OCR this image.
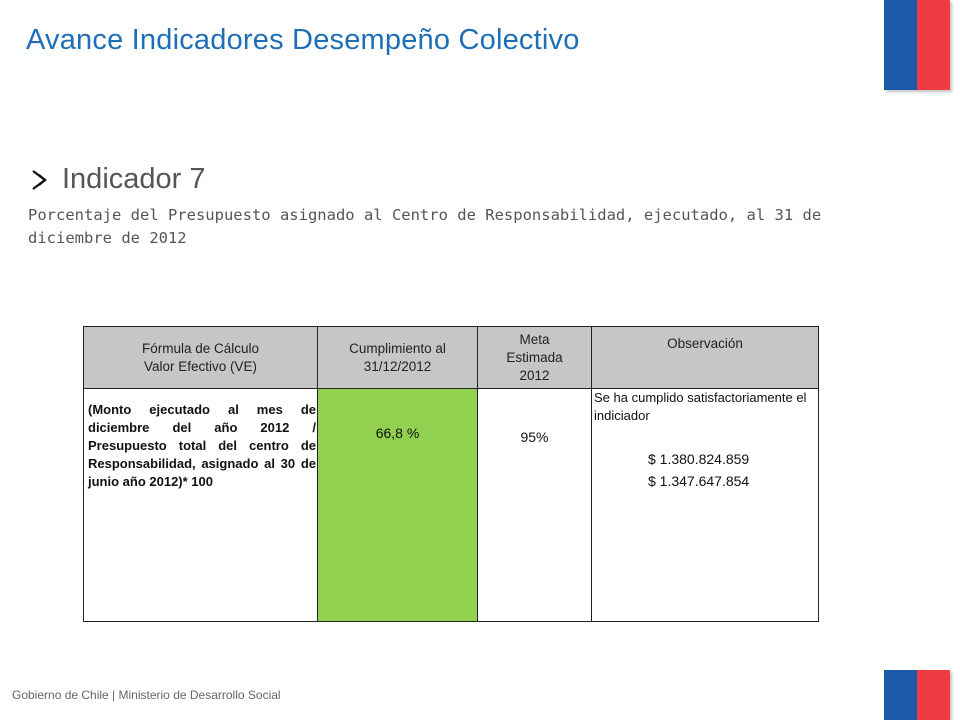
Avance Indicadores Desempeño Colectivo
Indicador 7
Porcentaje del Presupuesto asignado al Centro de Responsabilidad, ejecutado, al 31 de diciembre de 2012
Fórmula de Cálculo
Valor Efectivo (VE)
Cumplimiento al
31/12/2012
Meta
Estimada
2012
Observación
(Monto ejecutado al mes de diciembre del año 2012 / Presupuesto total del centro de Responsabilidad, asignado al 30 de junio año 2012)* 100
66,8 %	95%
Se ha cumplido satisfactoriamente el indiciador
$ 1.380.824.859
$ 1.347.647.854
Gobierno de Chile | Ministerio de Desarrollo Social
